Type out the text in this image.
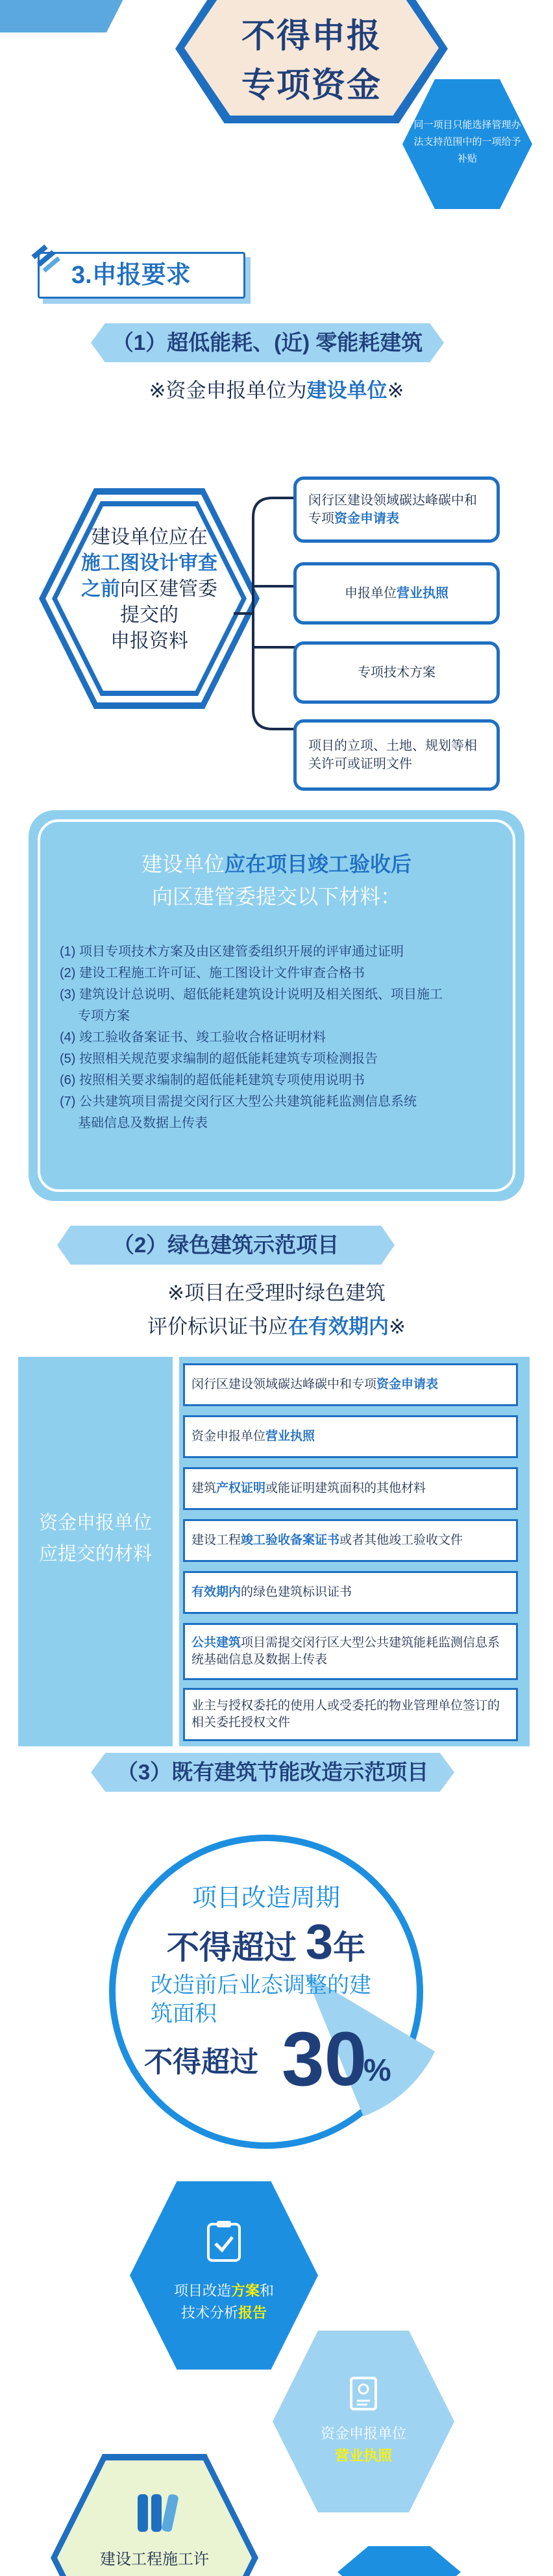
不得申报
专项资金
同一项目只能选择管理办法支持范围中的一项给予补贴
3.申报要求
（1）超低能耗、(近) 零能耗建筑
※资金申报单位为建设单位※
建设单位应在
施工图设计审查
之前向区建管委
提交的
申报资料
闵行区建设领域碳达峰碳中和专项资金申请表
申报单位营业执照
专项技术方案
项目的立项、土地、规划等相关许可或证明文件
建设单位应在项目竣工验收后
向区建管委提交以下材料：
(1) 项目专项技术方案及由区建管委组织开展的评审通过证明
(2) 建设工程施工许可证、施工图设计文件审查合格书
(3) 建筑设计总说明、超低能耗建筑设计说明及相关图纸、项目施工
专项方案
(4) 竣工验收备案证书、竣工验收合格证明材料
(5) 按照相关规范要求编制的超低能耗建筑专项检测报告
(6) 按照相关要求编制的超低能耗建筑专项使用说明书
(7) 公共建筑项目需提交闵行区大型公共建筑能耗监测信息系统
基础信息及数据上传表
（2）绿色建筑示范项目
※项目在受理时绿色建筑
评价标识证书应在有效期内※
资金申报单位
应提交的材料
闵行区建设领域碳达峰碳中和专项资金申请表
资金申报单位营业执照
建筑产权证明或能证明建筑面积的其他材料
建设工程竣工验收备案证书或者其他竣工验收文件
有效期内的绿色建筑标识证书
公共建筑项目需提交闵行区大型公共建筑能耗监测信息系统基础信息及数据上传表
业主与授权委托的使用人或受委托的物业管理单位签订的相关委托授权文件
（3）既有建筑节能改造示范项目
项目改造周期
不得超过 3年
改造前后业态调整的建筑面积
不得超过 30
%
项目改造方案和
技术分析报告
资金申报单位
营业执照
建设工程施工许
